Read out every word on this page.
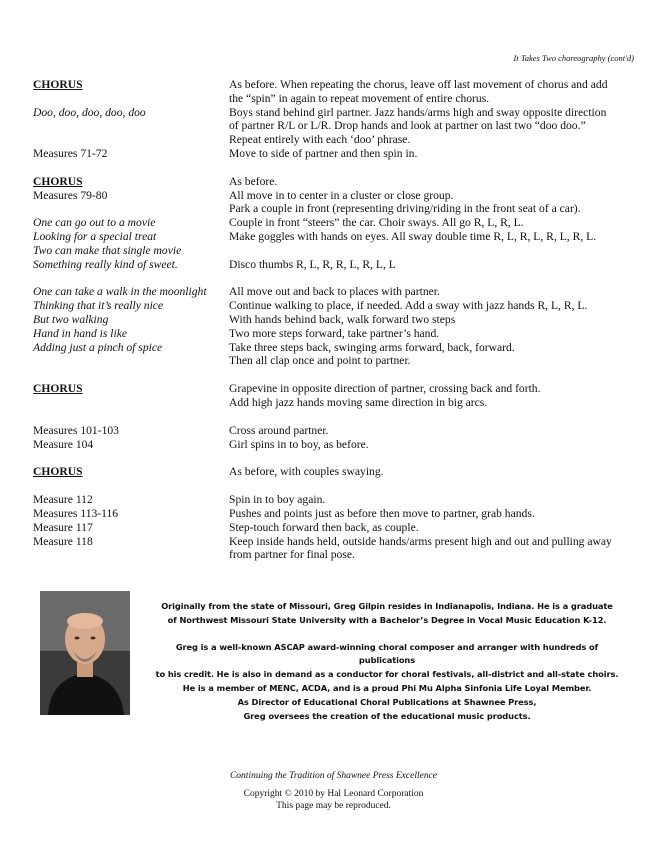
It Takes Two choreography (cont'd)
CHORUS	As before. When repeating the chorus, leave off last movement of chorus and add
the “spin” in again to repeat movement of entire chorus.
Doo, doo, doo, doo, doo	Boys stand behind girl partner. Jazz hands/arms high and sway opposite direction
of partner R/L or L/R. Drop hands and look at partner on last two “doo doo.”
Repeat entirely with each ‘doo’ phrase.
Measures 71-72	Move to side of partner and then spin in.
CHORUS	As before.
Measures 79-80	All move in to center in a cluster or close group.
Park a couple in front (representing driving/riding in the front seat of a car).
One can go out to a movie	Couple in front “steers” the car. Choir sways. All go R, L, R, L.
Looking for a special treat	Make goggles with hands on eyes. All sway double time R, L, R, L, R, L, R, L.
Two can make that single movie
Something really kind of sweet.	Disco thumbs R, L, R, R, L, R, L, L
One can take a walk in the moonlight	All move out and back to places with partner.
Thinking that it’s really nice	Continue walking to place, if needed. Add a sway with jazz hands R, L, R, L.
But two walking	With hands behind back, walk forward two steps
Hand in hand is like	Two more steps forward, take partner’s hand.
Adding just a pinch of spice	Take three steps back, swinging arms forward, back, forward.
Then all clap once and point to partner.
CHORUS	Grapevine in opposite direction of partner, crossing back and forth.
Add high jazz hands moving same direction in big arcs.
Measures 101-103	Cross around partner.
Measure 104	Girl spins in to boy, as before.
CHORUS	As before, with couples swaying.
Measure 112	Spin in to boy again.
Measures 113-116	Pushes and points just as before then move to partner, grab hands.
Measure 117	Step-touch forward then back, as couple.
Measure 118	Keep inside hands held, outside hands/arms present high and out and pulling away
from partner for final pose.
Originally from the state of Missouri, Greg Gilpin resides in Indianapolis, Indiana. He is a graduate
of Northwest Missouri State University with a Bachelor’s Degree in Vocal Music Education K-12.
Greg is a well-known ASCAP award-winning choral composer and arranger with hundreds of publications
to his credit. He is also in demand as a conductor for choral festivals, all-district and all-state choirs.
He is a member of MENC, ACDA, and is a proud Phi Mu Alpha Sinfonia Life Loyal Member.
As Director of Educational Choral Publications at Shawnee Press,
Greg oversees the creation of the educational music products.
Continuing the Tradition of Shawnee Press Excellence
Copyright © 2010 by Hal Leonard Corporation
This page may be reproduced.
